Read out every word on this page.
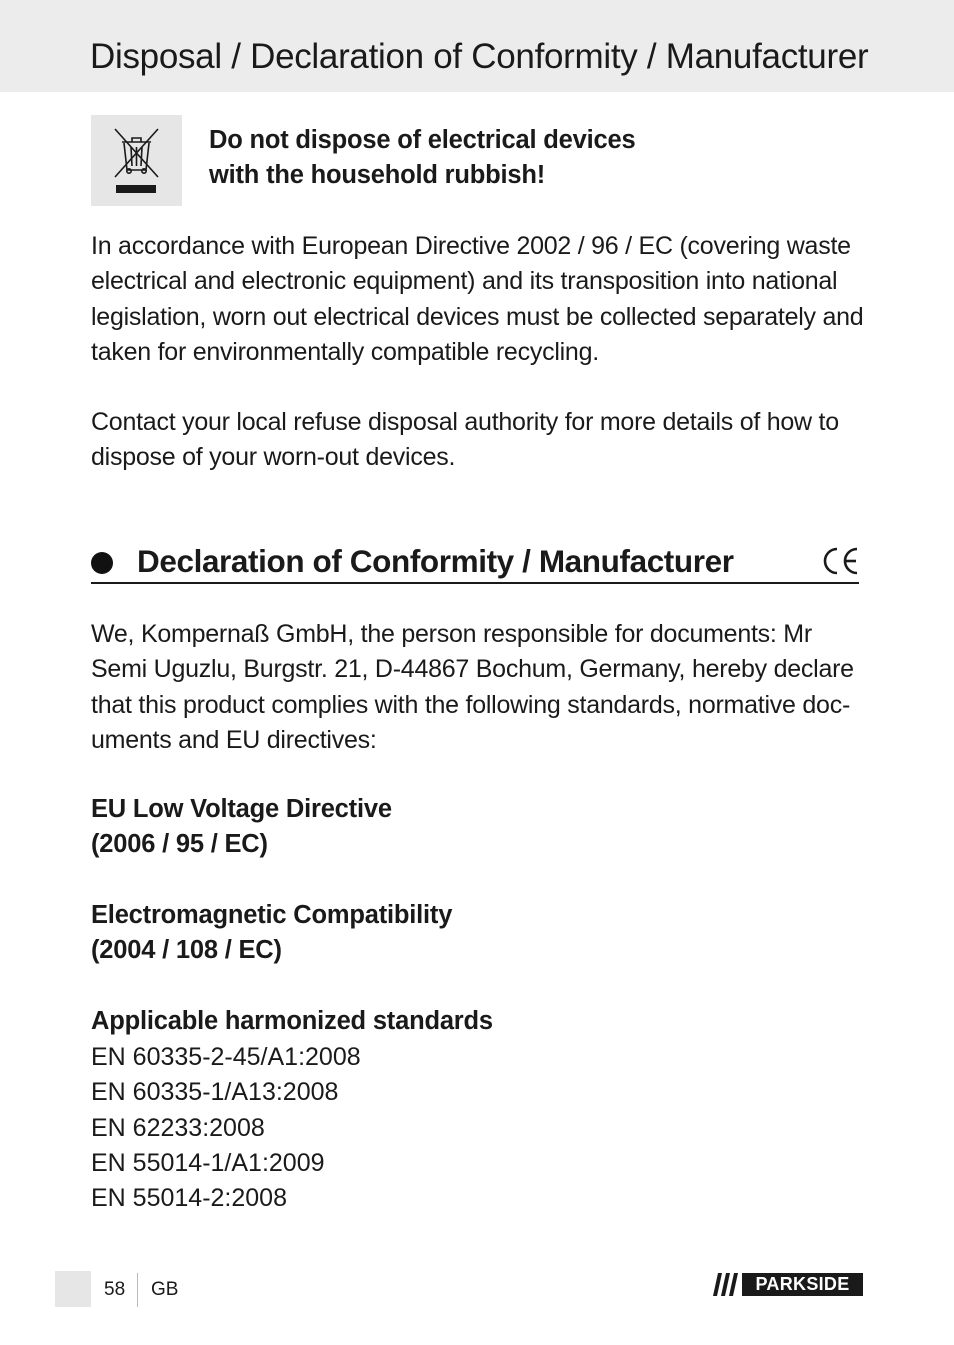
Disposal / Declaration of Conformity / Manufacturer

Do not dispose of electrical devices
with the household rubbish!

In accordance with European Directive 2002 / 96 / EC (covering waste
electrical and electronic equipment) and its transposition into national
legislation, worn out electrical devices must be collected separately and
taken for environmentally compatible recycling.

Contact your local refuse disposal authority for more details of how to
dispose of your worn-out devices.

Declaration of Conformity / Manufacturer

We, Kompernaß GmbH, the person responsible for documents: Mr
Semi Uguzlu, Burgstr. 21, D-44867 Bochum, Germany, hereby declare
that this product complies with the following standards, normative doc-
uments and EU directives:

EU Low Voltage Directive
(2006 / 95 / EC)

Electromagnetic Compatibility
(2004 / 108 / EC)

Applicable harmonized standards

EN 60335-2-45/A1:2008
EN 60335-1/A13:2008
EN 62233:2008
EN 55014-1/A1:2009
EN 55014-2:2008
58 GB	PARKSIDE
